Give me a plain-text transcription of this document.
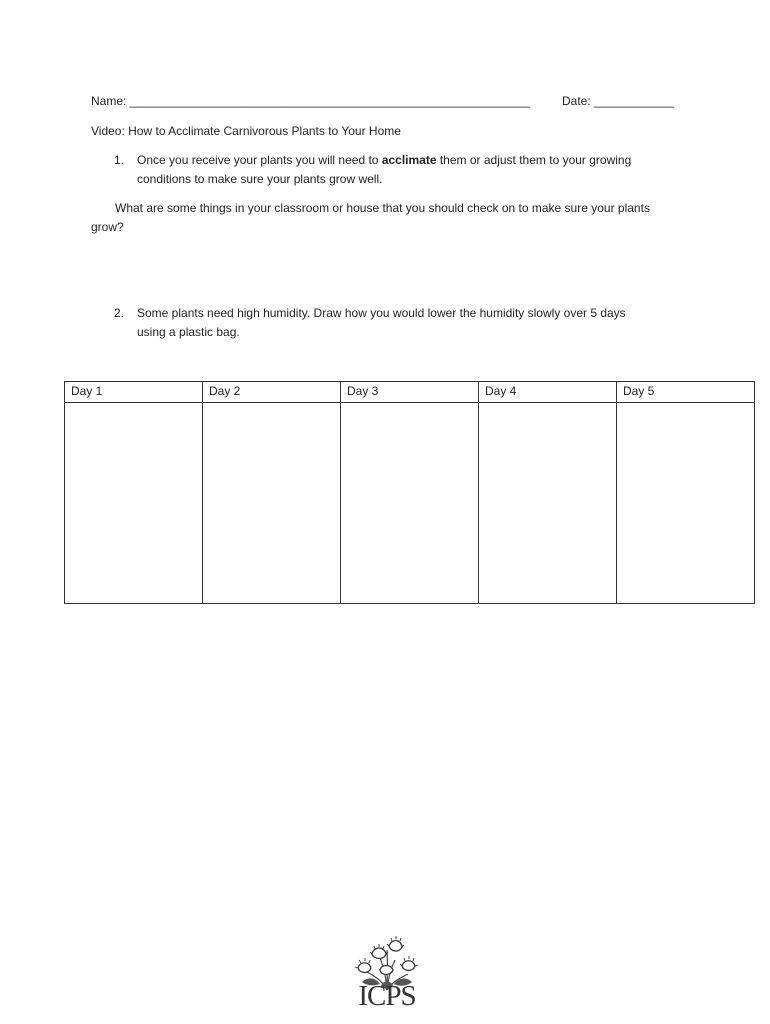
Name: ____________________________________________________________	Date: ____________
Video: How to Acclimate Carnivorous Plants to Your Home
1. Once you receive your plants you will need to acclimate them or adjust them to your growing
conditions to make sure your plants grow well.
What are some things in your classroom or house that you should check on to make sure your plants
grow?
2. Some plants need high humidity. Draw how you would lower the humidity slowly over 5 days
using a plastic bag.
Day 1	Day 2	Day 3	Day 4	Day 5

ICPS
